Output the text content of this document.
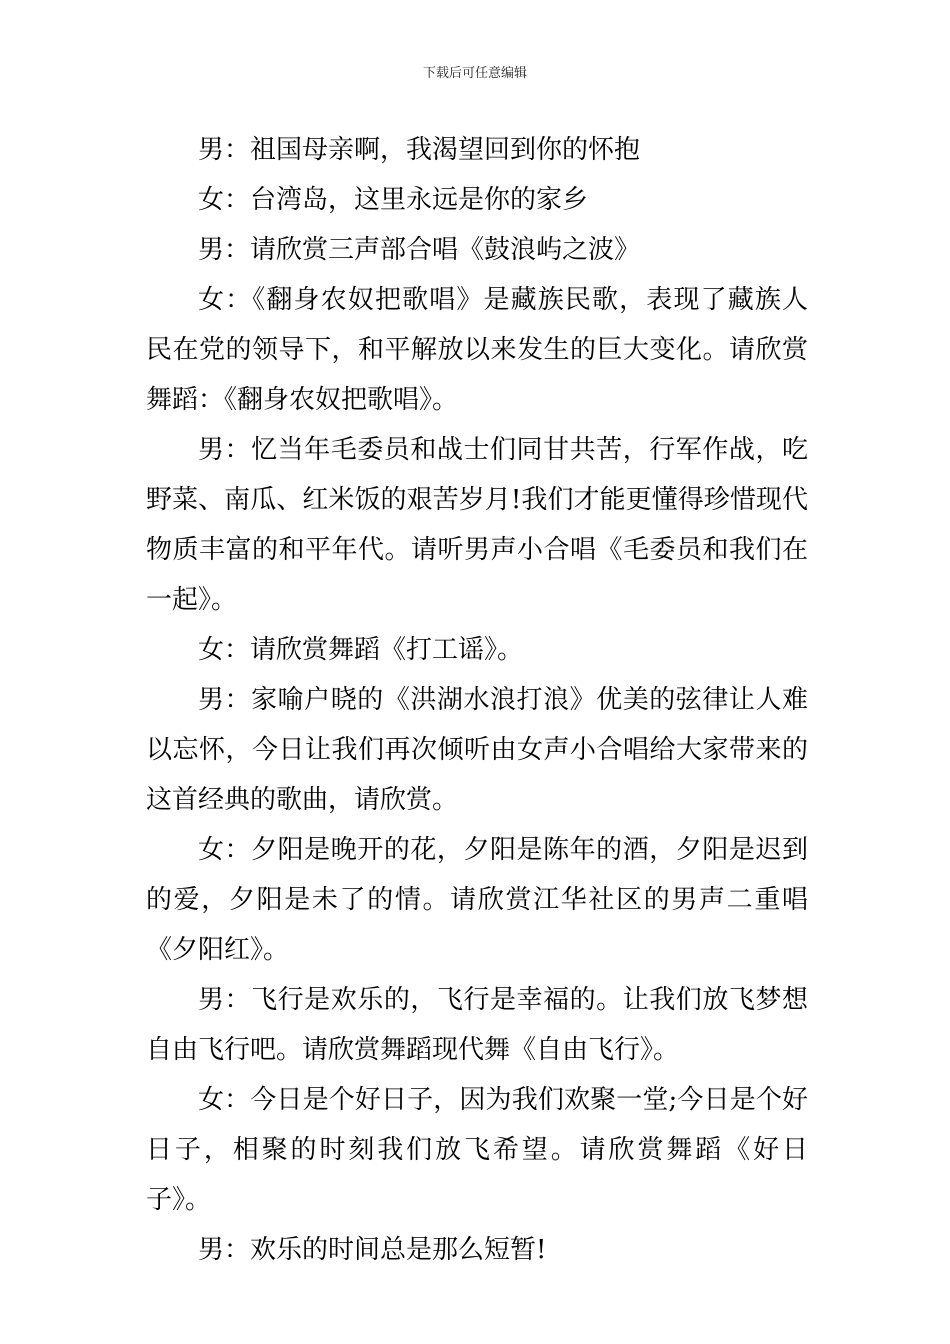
下载后可任意编辑

男：祖国母亲啊，我渴望回到你的怀抱

女：台湾岛，这里永远是你的家乡

男：请欣赏三声部合唱《鼓浪屿之波》

女：《翻身农奴把歌唱》是藏族民歌，表现了藏族人民在党的领导下，和平解放以来发生的巨大变化。请欣赏舞蹈：《翻身农奴把歌唱》。

男：忆当年毛委员和战士们同甘共苦，行军作战，吃野菜、南瓜、红米饭的艰苦岁月!我们才能更懂得珍惜现代物质丰富的和平年代。请听男声小合唱《毛委员和我们在一起》。

女：请欣赏舞蹈《打工谣》。

男：家喻户晓的《洪湖水浪打浪》优美的弦律让人难以忘怀，今日让我们再次倾听由女声小合唱给大家带来的这首经典的歌曲，请欣赏。

女：夕阳是晚开的花，夕阳是陈年的酒，夕阳是迟到的爱，夕阳是未了的情。请欣赏江华社区的男声二重唱《夕阳红》。

男：飞行是欢乐的，飞行是幸福的。让我们放飞梦想自由飞行吧。请欣赏舞蹈现代舞《自由飞行》。

女：今日是个好日子，因为我们欢聚一堂;今日是个好日子，相聚的时刻我们放飞希望。请欣赏舞蹈《好日子》。

男：欢乐的时间总是那么短暂!
